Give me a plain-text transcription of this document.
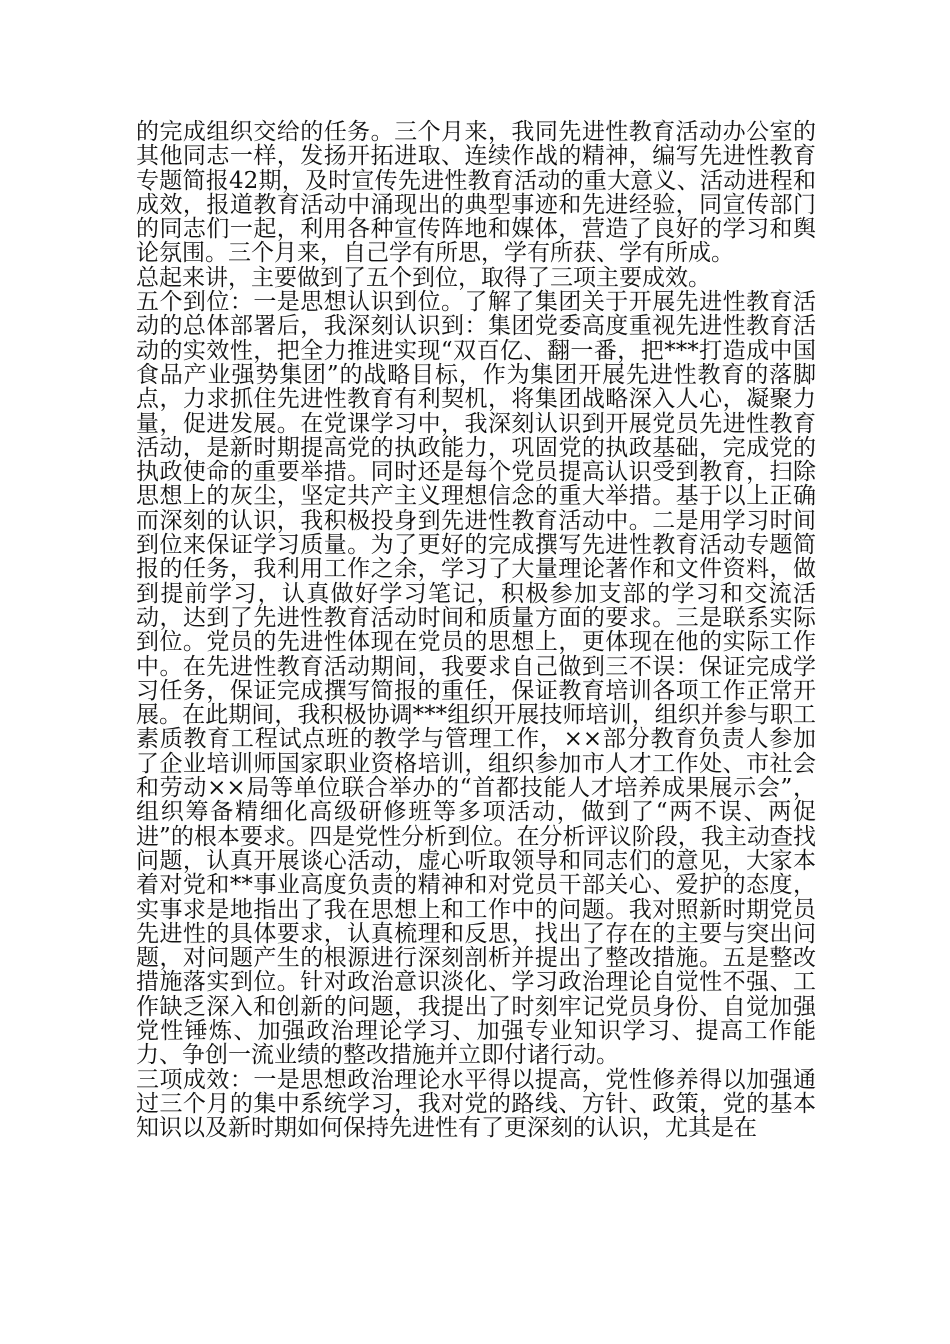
的完成组织交给的任务。三个月来，我同先进性教育活动办公室的其他同志一样，发扬开拓进取、连续作战的精神，编写先进性教育专题简报42期，及时宣传先进性教育活动的重大意义、活动进程和成效，报道教育活动中涌现出的典型事迹和先进经验，同宣传部门的同志们一起，利用各种宣传阵地和媒体，营造了良好的学习和舆论氛围。三个月来，自己学有所思，学有所获、学有所成。

总起来讲，主要做到了五个到位，取得了三项主要成效。

五个到位：一是思想认识到位。了解了集团关于开展先进性教育活动的总体部署后，我深刻认识到：集团党委高度重视先进性教育活动的实效性，把全力推进实现“双百亿、翻一番，把***打造成中国食品产业强势集团”的战略目标，作为集团开展先进性教育的落脚点，力求抓住先进性教育有利契机，将集团战略深入人心，凝聚力量，促进发展。在党课学习中，我深刻认识到开展党员先进性教育活动，是新时期提高党的执政能力，巩固党的执政基础，完成党的执政使命的重要举措。同时还是每个党员提高认识受到教育，扫除思想上的灰尘，坚定共产主义理想信念的重大举措。基于以上正确而深刻的认识，我积极投身到先进性教育活动中。二是用学习时间到位来保证学习质量。为了更好的完成撰写先进性教育活动专题简报的任务，我利用工作之余，学习了大量理论著作和文件资料，做到提前学习，认真做好学习笔记，积极参加支部的学习和交流活动，达到了先进性教育活动时间和质量方面的要求。三是联系实际到位。党员的先进性体现在党员的思想上，更体现在他的实际工作中。在先进性教育活动期间，我要求自己做到三不误：保证完成学习任务，保证完成撰写简报的重任，保证教育培训各项工作正常开展。在此期间，我积极协调***组织开展技师培训，组织并参与职工素质教育工程试点班的教学与管理工作，××部分教育负责人参加了企业培训师国家职业资格培训，组织参加市人才工作处、市社会和劳动××局等单位联合举办的“首都技能人才培养成果展示会”，组织筹备精细化高级研修班等多项活动，做到了“两不误、两促进”的根本要求。四是党性分析到位。在分析评议阶段，我主动查找问题，认真开展谈心活动，虚心听取领导和同志们的意见，大家本着对党和**事业高度负责的精神和对党员干部关心、爱护的态度，实事求是地指出了我在思想上和工作中的问题。我对照新时期党员先进性的具体要求，认真梳理和反思，找出了存在的主要与突出问题，对问题产生的根源进行深刻剖析并提出了整改措施。五是整改措施落实到位。针对政治意识淡化、学习政治理论自觉性不强、工作缺乏深入和创新的问题，我提出了时刻牢记党员身份、自觉加强党性锤炼、加强政治理论学习、加强专业知识学习、提高工作能力、争创一流业绩的整改措施并立即付诸行动。

三项成效：一是思想政治理论水平得以提高，党性修养得以加强通过三个月的集中系统学习，我对党的路线、方针、政策，党的基本知识以及新时期如何保持先进性有了更深刻的认识，尤其是在
